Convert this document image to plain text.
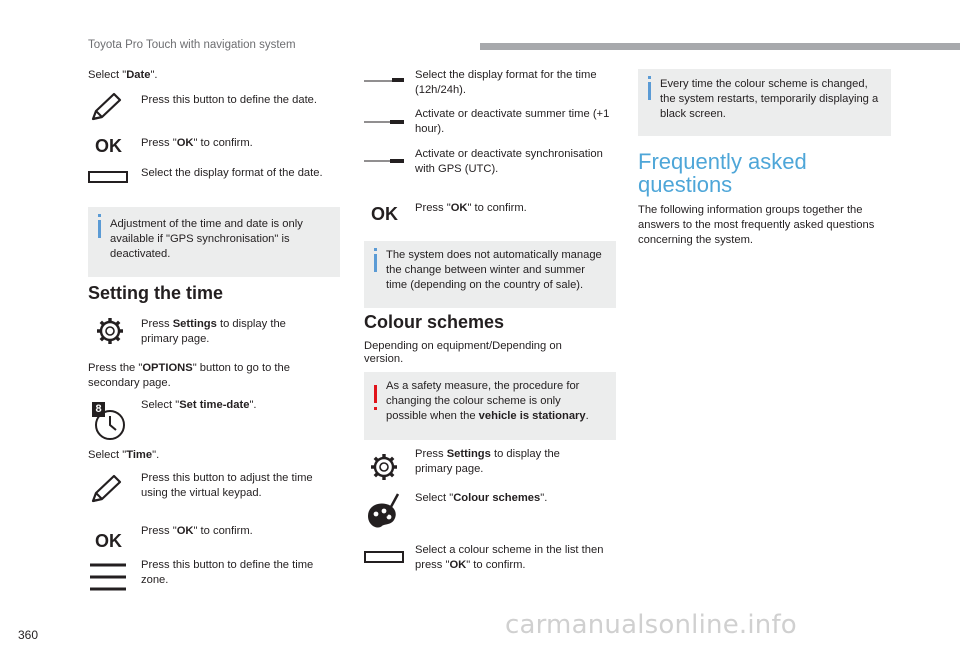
Toyota Pro Touch with navigation system
Select "Date".
Press this button to define the date.
OK Press "OK" to confirm.
Select the display format of the date.
Adjustment of the time and date is only available if "GPS synchronisation" is deactivated.
Setting the time
Press Settings to display the primary page.
Press the "OPTIONS" button to go to the secondary page.
8	Select "Set time-date".
Select "Time".
Press this button to adjust the time using the virtual keypad.
OK Press "OK" to confirm.
Press this button to define the time zone.
Select the display format for the time (12h/24h).
Activate or deactivate summer time (+1 hour).
Activate or deactivate synchronisation with GPS (UTC).
OK Press "OK" to confirm.
The system does not automatically manage the change between winter and summer time (depending on the country of sale).
Colour schemes
Depending on equipment/Depending on version.
As a safety measure, the procedure for changing the colour scheme is only possible when the vehicle is stationary.
Press Settings to display the primary page.
Select "Colour schemes".
Select a colour scheme in the list then press "OK" to confirm.
Every time the colour scheme is changed, the system restarts, temporarily displaying a black screen.
Frequently asked questions
The following information groups together the answers to the most frequently asked questions concerning the system.
360	carmanualsonline.info
